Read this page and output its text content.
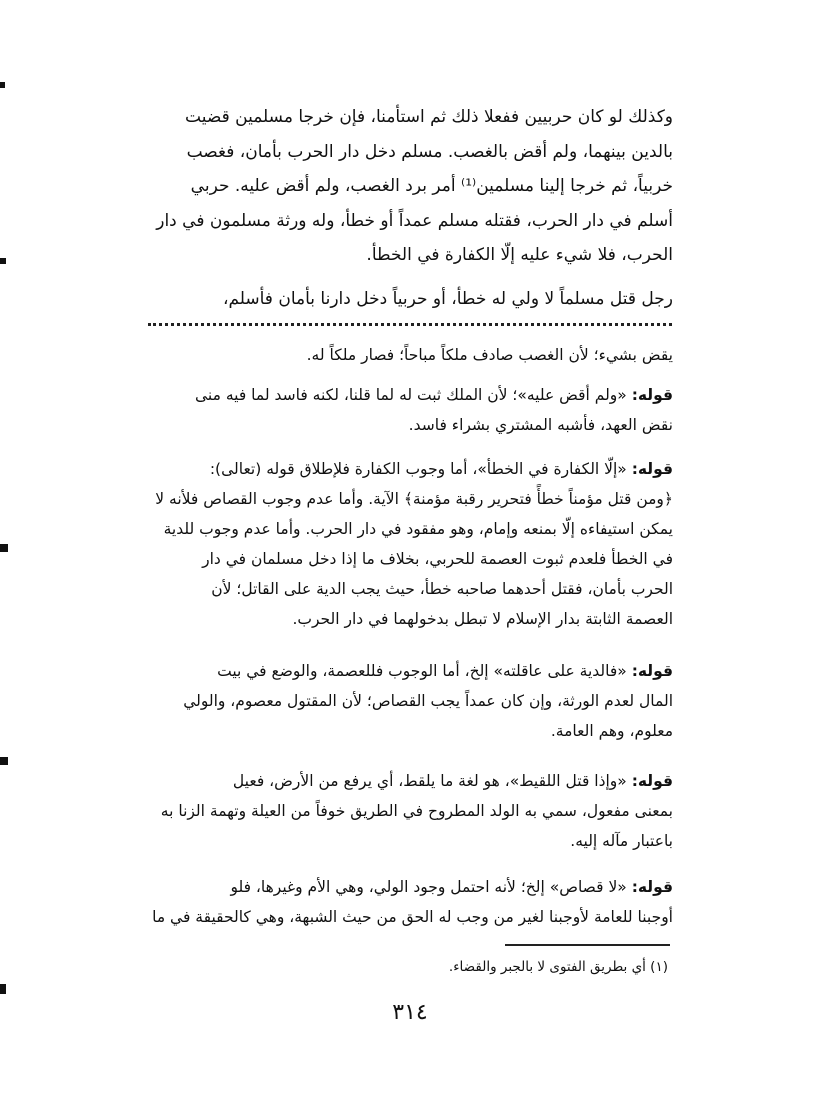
وكذلك لو كان حربيين ففعلا ذلك ثم استأمنا، فإن خرجا مسلمين قضيت
بالدين بينهما، ولم أقض بالغصب. مسلم دخل دار الحرب بأمان، فغصب
خربياً، ثم خرجا إلينا مسلمين⁽¹⁾ أمر برد الغصب، ولم أقض عليه. حربي
أسلم في دار الحرب، فقتله مسلم عمداً أو خطأ، وله ورثة مسلمون في دار
الحرب، فلا شيء عليه إلّا الكفارة في الخطأ.
رجل قتل مسلماً لا ولي له خطأ، أو حربياً دخل دارنا بأمان فأسلم،
يقض بشيء؛ لأن الغصب صادف ملكاً مباحاً؛ فصار ملكاً له.
قوله: «ولم أقض عليه»؛ لأن الملك ثبت له لما قلنا، لكنه فاسد لما فيه منى
نقض العهد، فأشبه المشتري بشراء فاسد.
قوله: «إلّا الكفارة في الخطأ»، أما وجوب الكفارة فلإطلاق قوله (تعالى):
﴿ومن قتل مؤمناً خطأً فتحرير رقبة مؤمنة﴾ الآية. وأما عدم وجوب القصاص فلأنه لا
يمكن استيفاءه إلّا بمنعه وإمام، وهو مفقود في دار الحرب. وأما عدم وجوب للدية
في الخطأ فلعدم ثبوت العصمة للحربي، بخلاف ما إذا دخل مسلمان في دار
الحرب بأمان، فقتل أحدهما صاحبه خطأ، حيث يجب الدية على القاتل؛ لأن
العصمة الثابتة بدار الإسلام لا تبطل بدخولهما في دار الحرب.
قوله: «فالدية على عاقلته» إلخ، أما الوجوب فللعصمة، والوضع في بيت
المال لعدم الورثة، وإن كان عمداً يجب القصاص؛ لأن المقتول معصوم، والولي
معلوم، وهم العامة.
قوله: «وإذا قتل اللقيط»، هو لغة ما يلقط، أي يرفع من الأرض، فعيل
بمعنى مفعول، سمي به الولد المطروح في الطريق خوفاً من العيلة وتهمة الزنا به
باعتبار مآله إليه.
قوله: «لا قصاص» إلخ؛ لأنه احتمل وجود الولي، وهي الأم وغيرها، فلو
أوجبنا للعامة لأوجبنا لغير من وجب له الحق من حيث الشبهة، وهي كالحقيقة في ما
(١) أي بطريق الفتوى لا بالجبر والقضاء.
٣١٤
